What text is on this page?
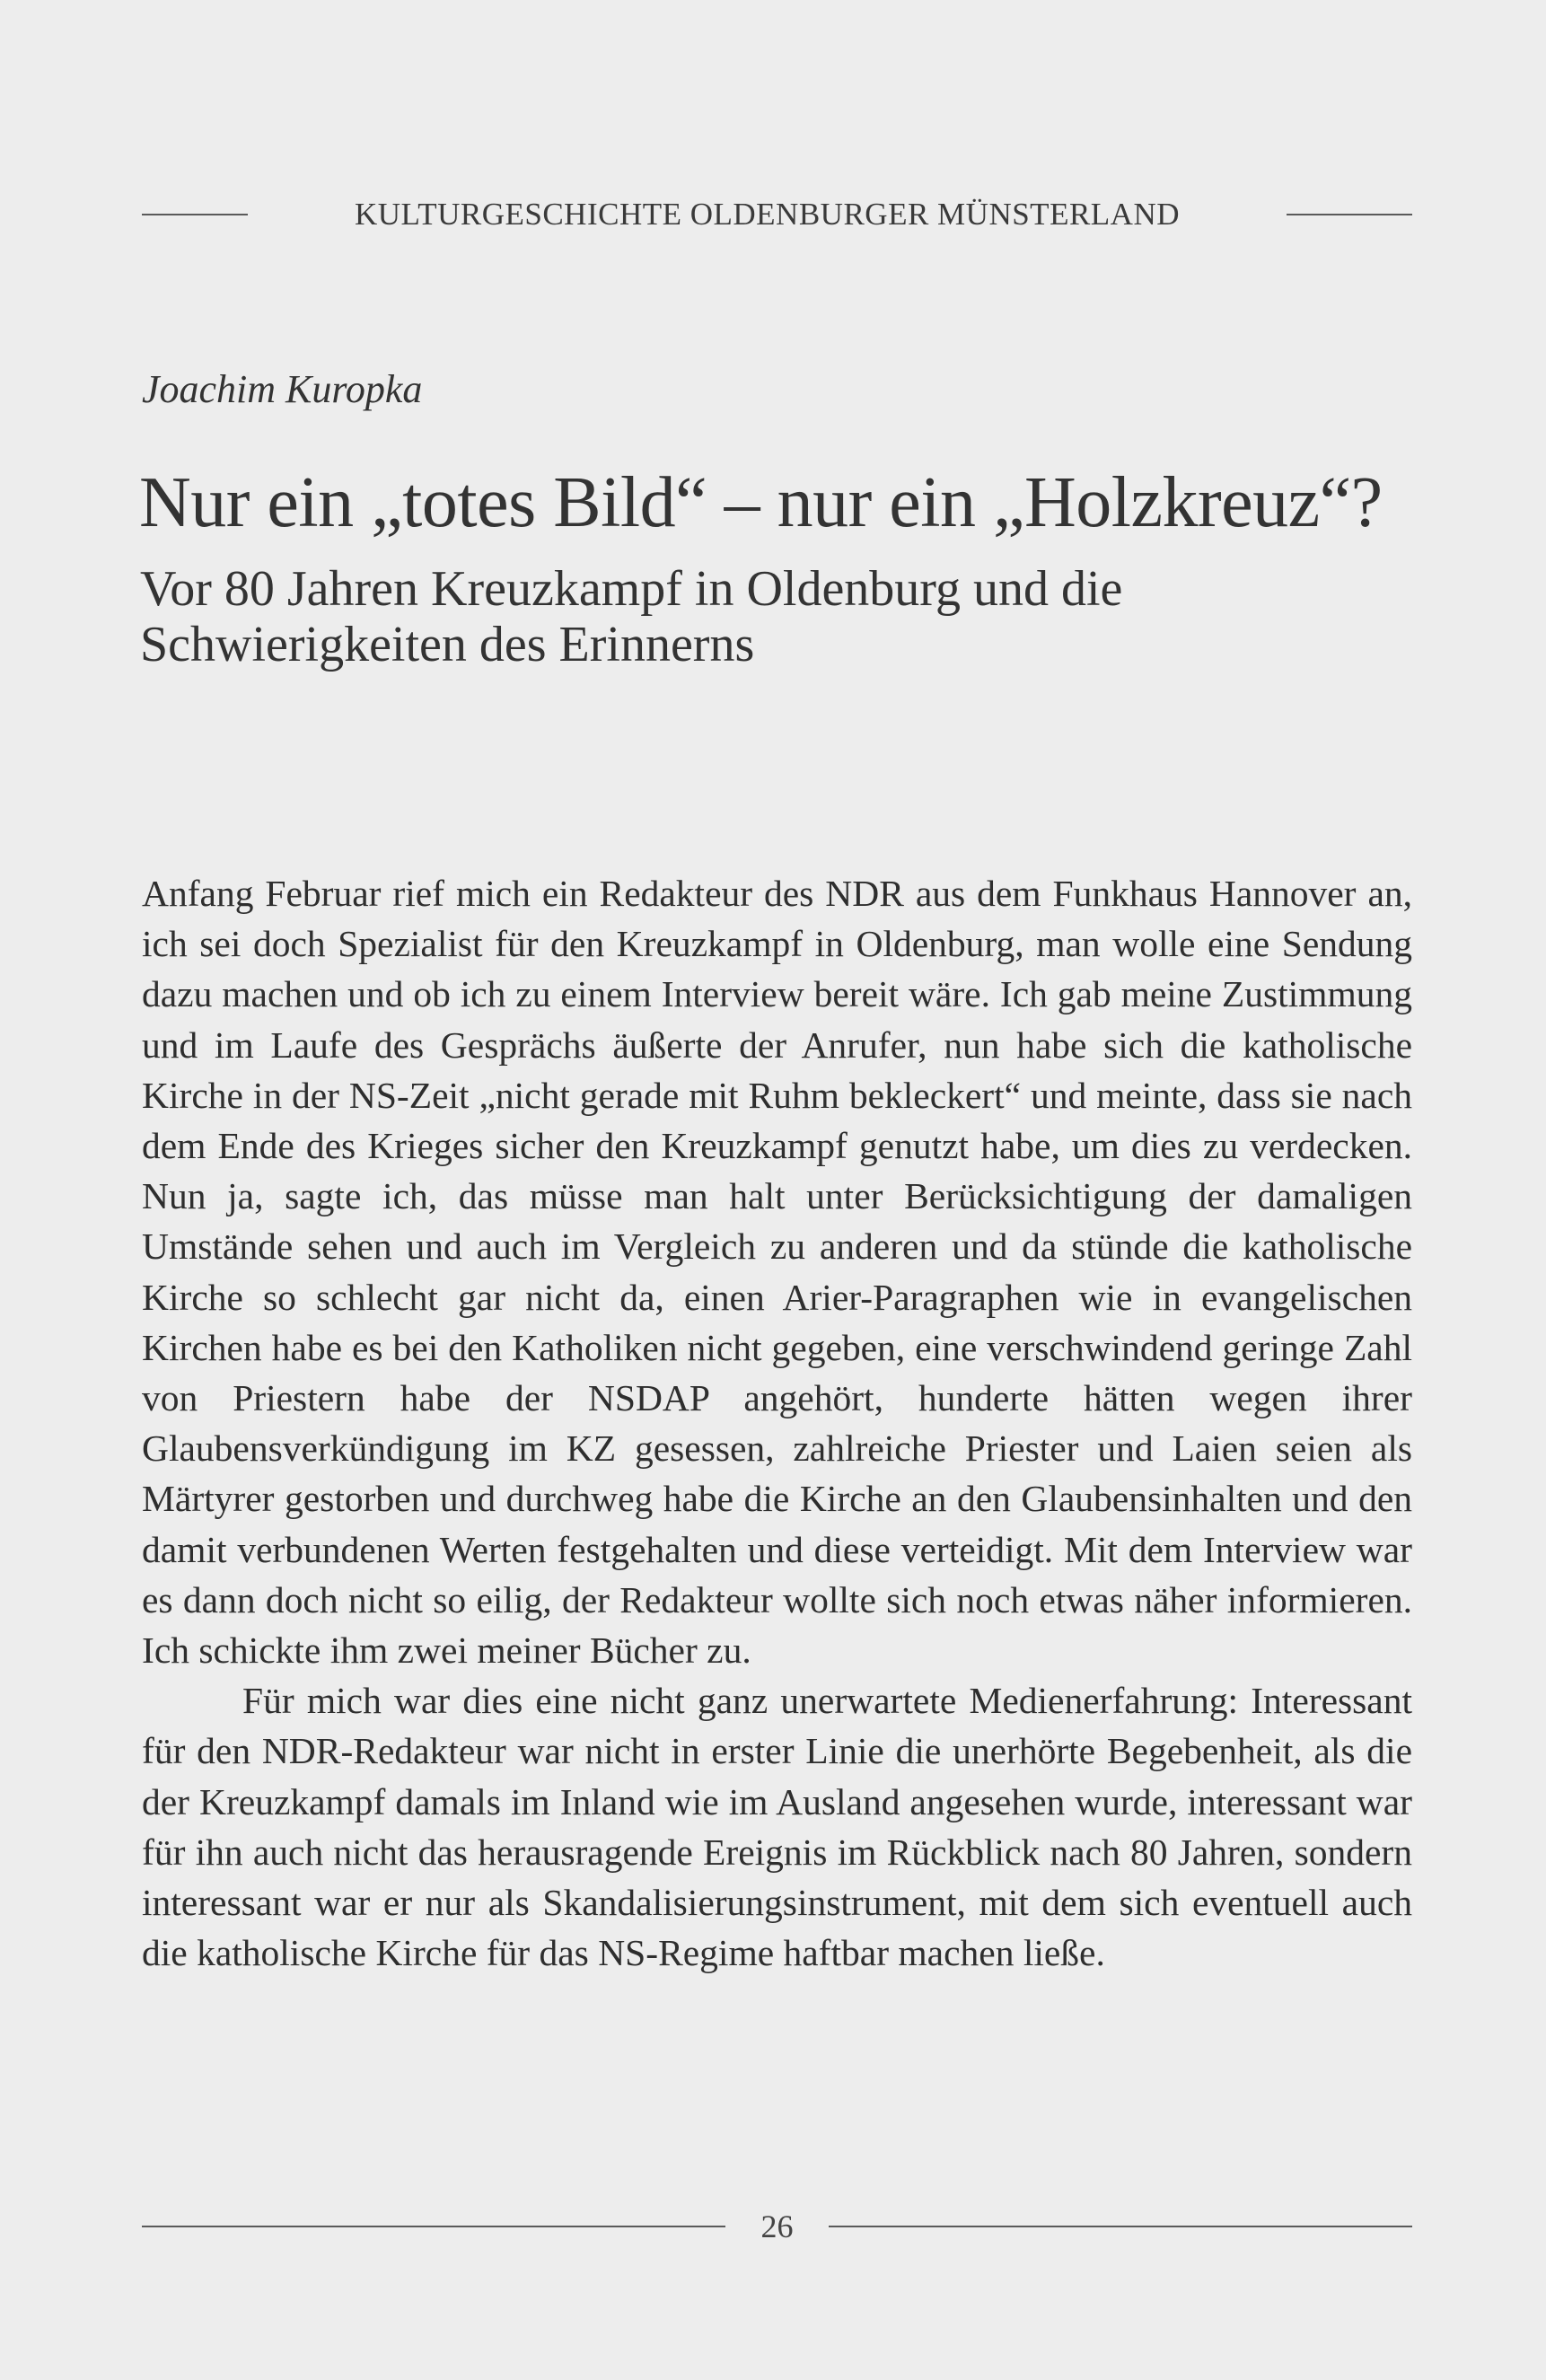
KULTURGESCHICHTE OLDENBURGER MÜNSTERLAND
Joachim Kuropka
Nur ein „totes Bild“ – nur ein „Holzkreuz“?
Vor 80 Jahren Kreuzkampf in Oldenburg und die Schwierigkeiten des Erinnerns

Anfang Februar rief mich ein Redakteur des NDR aus dem Funkhaus Hannover an, ich sei doch Spezialist für den Kreuzkampf in Oldenburg, man wolle eine Sendung dazu machen und ob ich zu einem Interview bereit wäre. Ich gab meine Zustimmung und im Laufe des Gesprächs äußerte der Anrufer, nun habe sich die katholische Kirche in der NS-Zeit „nicht gerade mit Ruhm bekleckert“ und meinte, dass sie nach dem Ende des Krieges sicher den Kreuzkampf genutzt habe, um dies zu verdecken. Nun ja, sagte ich, das müsse man halt unter Berücksichtigung der damaligen Umstände sehen und auch im Vergleich zu anderen und da stünde die katholische Kirche so schlecht gar nicht da, einen Arier-Paragraphen wie in evangelischen Kirchen habe es bei den Katholiken nicht gegeben, eine verschwindend geringe Zahl von Priestern habe der NSDAP angehört, hunderte hätten wegen ihrer Glaubensverkündigung im KZ gesessen, zahlreiche Priester und Laien seien als Märtyrer gestorben und durchweg habe die Kirche an den Glaubensinhalten und den damit verbundenen Werten festgehalten und diese verteidigt. Mit dem Interview war es dann doch nicht so eilig, der Redakteur wollte sich noch etwas näher informieren. Ich schickte ihm zwei meiner Bücher zu.

Für mich war dies eine nicht ganz unerwartete Medienerfahrung: Interessant für den NDR-Redakteur war nicht in erster Linie die unerhörte Begebenheit, als die der Kreuzkampf damals im Inland wie im Ausland angesehen wurde, interessant war für ihn auch nicht das herausragende Ereignis im Rückblick nach 80 Jahren, sondern interessant war er nur als Skandalisierungsinstrument, mit dem sich eventuell auch die katholische Kirche für das NS-Regime haftbar machen ließe.

26
